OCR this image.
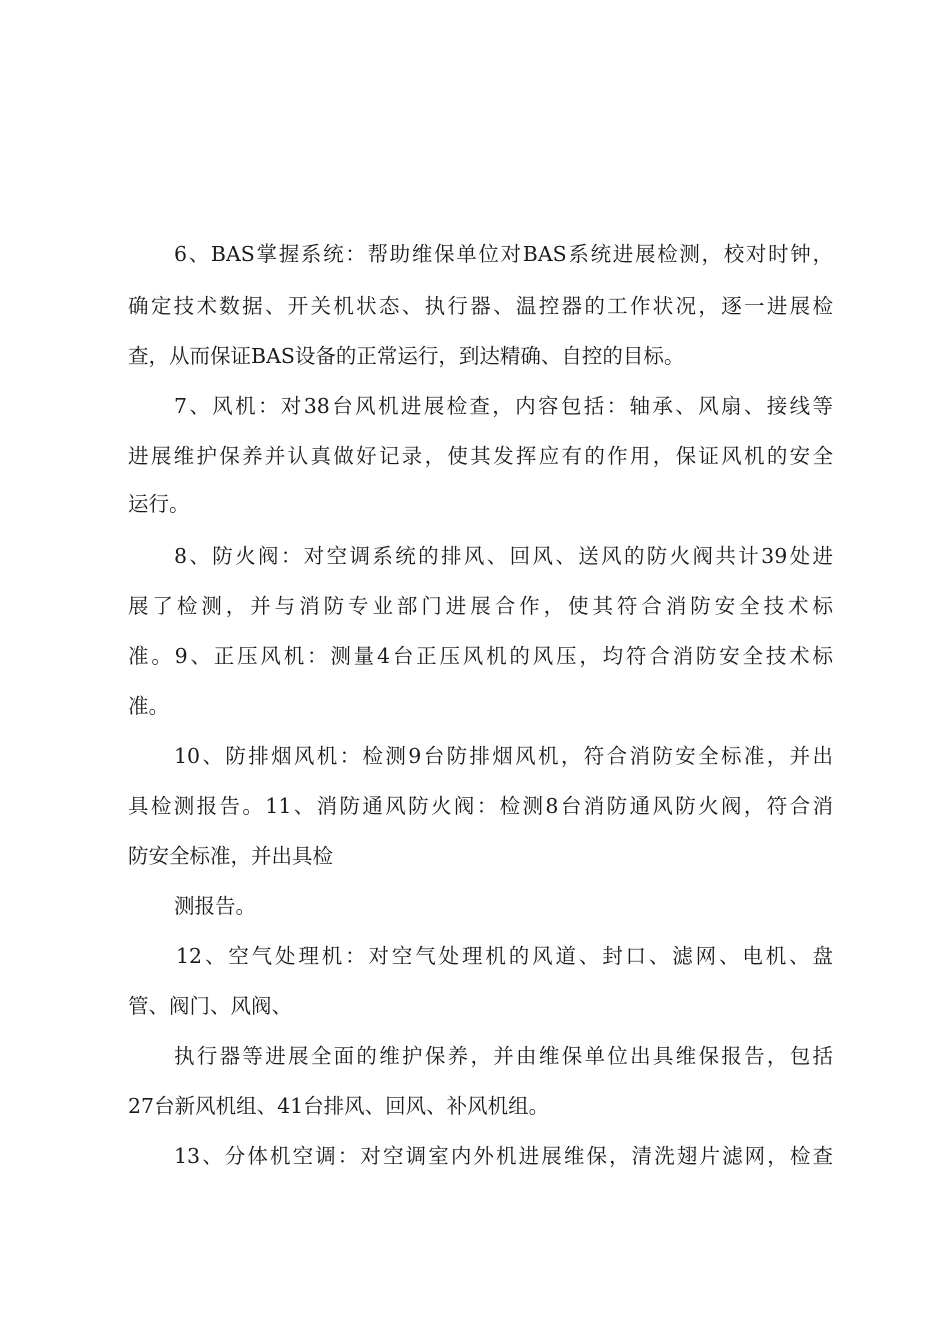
6、BAS掌握系统：帮助维保单位对BAS系统进展检测，校对时钟，

确定技术数据、开关机状态、执行器、温控器的工作状况，逐一进展检

查，从而保证BAS设备的正常运行，到达精确、自控的目标。

7、风机：对38台风机进展检查，内容包括：轴承、风扇、接线等

进展维护保养并认真做好记录，使其发挥应有的作用，保证风机的安全

运行。

8、防火阀：对空调系统的排风、回风、送风的防火阀共计39处进

展了检测，并与消防专业部门进展合作，使其符合消防安全技术标

准。9、正压风机：测量4台正压风机的风压，均符合消防安全技术标

准。

10、防排烟风机：检测9台防排烟风机，符合消防安全标准，并出

具检测报告。11、消防通风防火阀：检测8台消防通风防火阀，符合消

防安全标准，并出具检

测报告。

12、空气处理机：对空气处理机的风道、封口、滤网、电机、盘

管、阀门、风阀、

执行器等进展全面的维护保养，并由维保单位出具维保报告，包括

27台新风机组、41台排风、回风、补风机组。

13、分体机空调：对空调室内外机进展维保，清洗翅片滤网，检查
